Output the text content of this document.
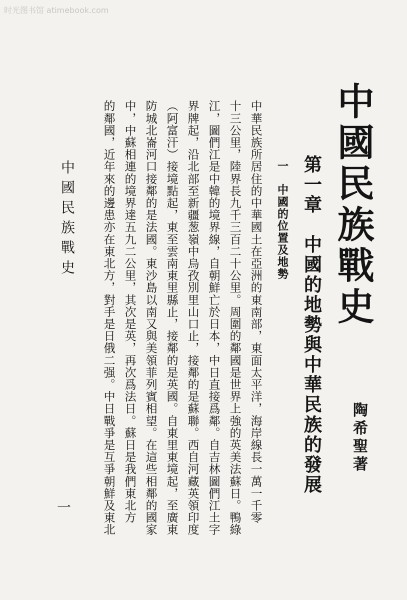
时光图书馆 atimebook.com
中國民族戰史
陶希聖著
第一章　中國的地勢與中華民族的發展
一　中國的位置及地勢
中華民族所居住的中華國土在亞洲的東南部，東面太平洋，海岸線長一萬一千零
十三公里，陸界長九千三百二十公里。周圍的鄰國是世界上強的英美法蘇日。鴨綠
江，圖們江是中韓的境界線，自朝鮮亡於日本，中日直接爲鄰。自吉林圖們江土字
界牌起，沿北部至新疆葱嶺中烏孜別里山口止，接鄰的是蘇聯。西自河藏英領印度
（阿富汗）接境點起，東至雲南東里縣止，接鄰的是英國。自東里東境起，至廣東
防城北崙河口接鄰的是法國。東沙島以南又與美領菲列賓相望。在這些相鄰的國家
中，中蘇相連的境界達五九二公里，其次是英，再次爲法日。蘇日是我們東北方
的鄰國，近年來的邊患亦在東北方，對手是日俄二强。中日戰爭是互爭朝鮮及東北
中國民族戰史
一
